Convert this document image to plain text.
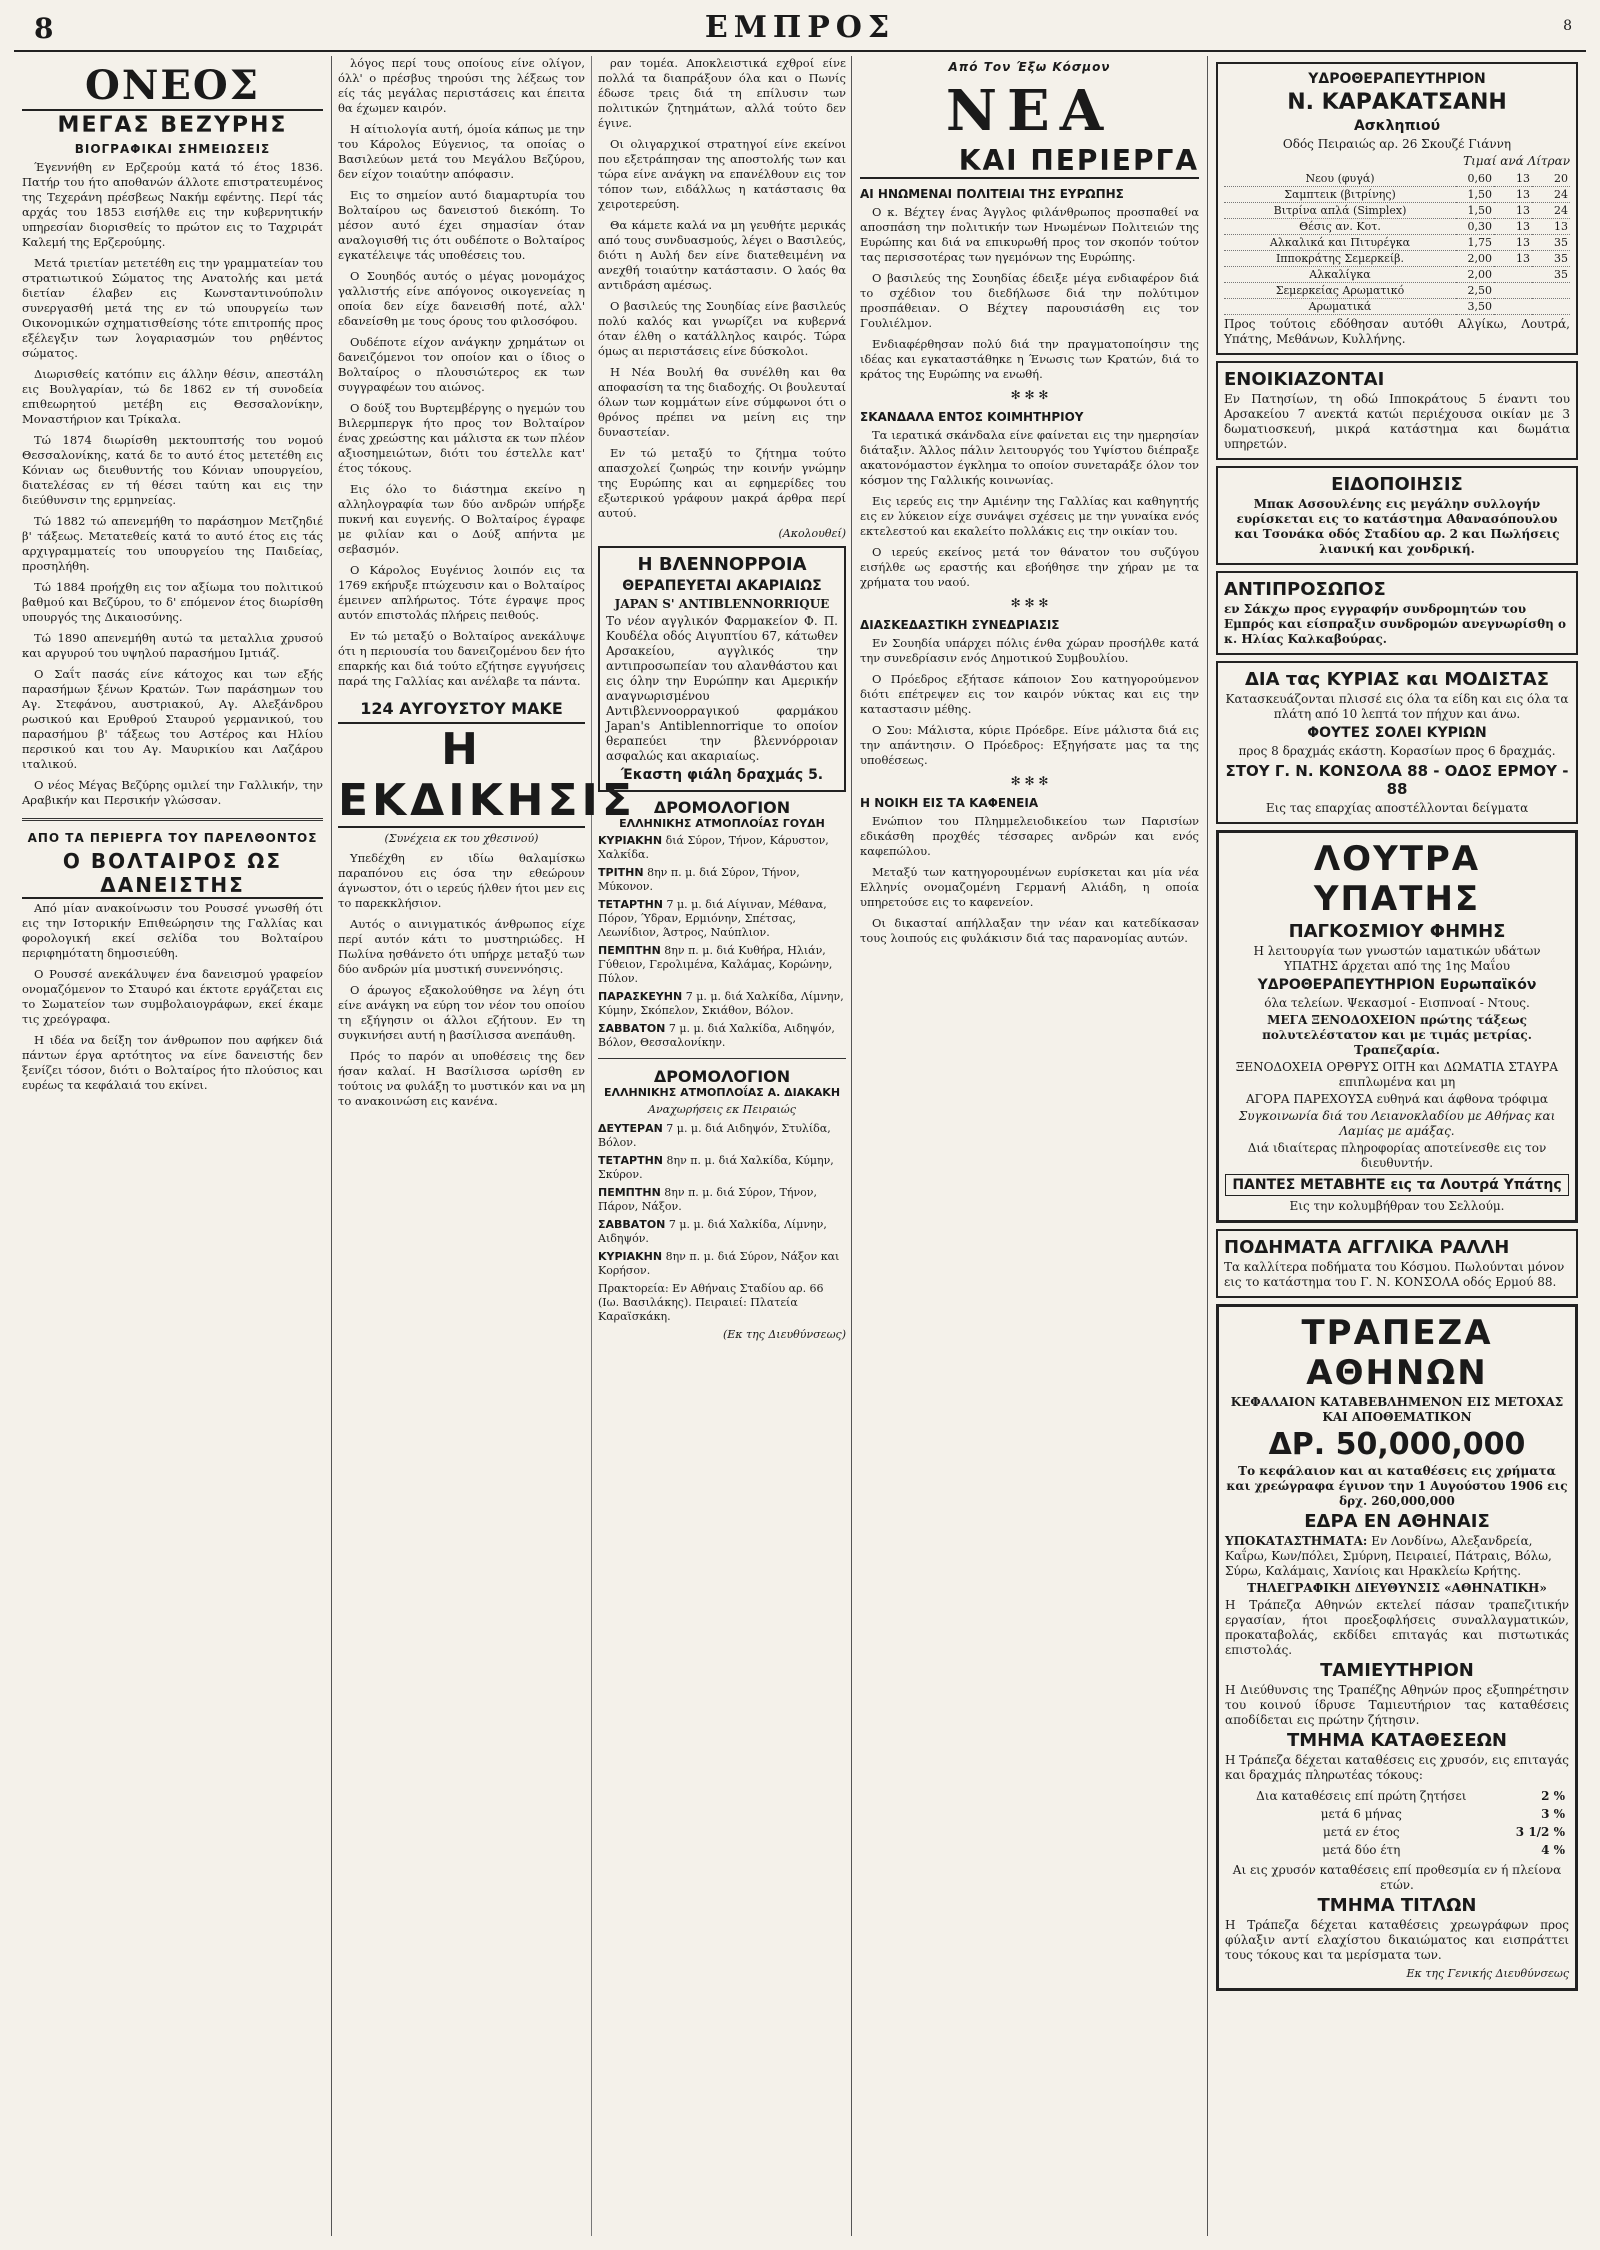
8	ΕΜΠΡΟΣ	8
ΟΝΕΟΣ
ΜΕΓΑΣ ΒΕΖΥΡΗΣ
ΒΙΟΓΡΑΦΙΚΑΙ ΣΗΜΕΙΩΣΕΙΣ

Έγεννήθη εν Ερζερούμ κατά τό έτος 1836. Πατήρ του ήτο αποθανών άλλοτε επιστρατευμένος της Τεχεράνη πρέσβεως Νακήμ εφέντης. Περί τάς αρχάς του 1853 εισήλθε εις την κυβερνητικήν υπηρεσίαν διορισθείς το πρώτον εις το Ταχριράτ Καλεμή της Ερζερούμης.

Μετά τριετίαν μετετέθη εις την γραμματείαν του στρατιωτικού Σώματος της Ανατολής και μετά διετίαν έλαβεν εις Κωνσταντινούπολιν συνεργασθή μετά της εν τώ υπουργείω των Οικονομικών σχηματισθείσης τότε επιτροπής προς εξέλεγξιν των λογαριασμών του ρηθέντος σώματος.

Διωρισθείς κατόπιν εις άλλην θέσιν, απεστάλη εις Βουλγαρίαν, τώ δε 1862 εν τή συνοδεία επιθεωρητού μετέβη εις Θεσσαλονίκην, Μοναστήριον και Τρίκαλα.

Τώ 1874 διωρίσθη μεκτουπτσής του νομού Θεσσαλονίκης, κατά δε το αυτό έτος μετετέθη εις Κόνιαν ως διευθυντής του Κόνιαν υπουργείου, διατελέσας εν τή θέσει ταύτη και εις την διεύθυνσιν της ερμηνείας.

Τώ 1882 τώ απενεμήθη το παράσημον Μετζηδιέ β' τάξεως. Μετατεθείς κατά το αυτό έτος εις τάς αρχιγραμματείς του υπουργείου της Παιδείας, προσηλήθη.

Τώ 1884 προήχθη εις τον αξίωμα του πολιτικού βαθμού και Βεζύρου, το δ' επόμενον έτος διωρίσθη υπουργός της Δικαιοσύνης.

Τώ 1890 απενεμήθη αυτώ τα μεταλλια χρυσού και αργυρού του υψηλού παρασήμου Ιμτιάζ.

Ο Σαΐτ πασάς είνε κάτοχος και των εξής παρασήμων ξένων Κρατών. Των παράσημων του Αγ. Στεφάνου, αυστριακού, Αγ. Αλεξάνδρου ρωσικού και Ερυθρού Σταυρού γερμανικού, του παρασήμου β' τάξεως του Αστέρος και Ηλίου περσικού και του Αγ. Μαυρικίου και Λαζάρου ιταλικού.

Ο νέος Μέγας Βεζύρης ομιλεί την Γαλλικήν, την Αραβικήν και Περσικήν γλώσσαν.

ΑΠΟ ΤΑ ΠΕΡΙΕΡΓΑ ΤΟΥ ΠΑΡΕΛΘΟΝΤΟΣ
Ο ΒΟΛΤΑΙΡΟΣ ΩΣ ΔΑΝΕΙΣΤΗΣ

Από μίαν ανακοίνωσιν του Ρουσσέ γνωσθή ότι εις την Ιστορικήν Επιθεώρησιν της Γαλλίας και φορολογική εκεί σελίδα του Βολταίρου περιφημότατη δημοσιεύθη.

Ο Ρουσσέ ανεκάλυψεν ένα δανεισμού γραφείον ονομαζόμενον το Σταυρό και έκτοτε εργάζεται εις το Σωματείον των συμβολαιογράφων, εκεί έκαμε τις χρεόγραφα.

Η ιδέα να δείξη τον άνθρωπον που αφήκεν διά πάντων έργα αρτότητος να είνε δανειστής δεν ξενίζει τόσον, διότι ο Βολταίρος ήτο πλούσιος και ευρέως τα κεφάλαιά του εκίνει.

λόγος περί τους οποίους είνε ολίγον, όλλ' ο πρέσβυς τηρούσι της λέξεως τον είς τάς μεγάλας περιστάσεις και έπειτα θα έχωμεν καιρόν.

Η αίτιολογία αυτή, όμοία κάπως με την του Κάρολος Εύγενιος, τα οποίας ο Βασιλεύων μετά του Μεγάλου Βεζύρου, δεν είχον τοιαύτην απόφασιν.

Εις το σημείον αυτό διαμαρτυρία του Βολταίρου ως δανειστού διεκόπη. Το μέσον αυτό έχει σημασίαν όταν αναλογισθή τις ότι ουδέποτε ο Βολταίρος εγκατέλειψε τάς υποθέσεις του.

Ο Σουηδός αυτός ο μέγας μονομάχος γαλλιστής είνε απόγονος οικογενείας η οποία δεν είχε δανεισθή ποτέ, αλλ' εδανείσθη με τους όρους του φιλοσόφου.

Ουδέποτε είχον ανάγκην χρημάτων οι δανειζόμενοι τον οποίον και ο ίδιος ο Βολταίρος ο πλουσιώτερος εκ των συγγραφέων του αιώνος.

Ο δούξ του Βυρτεμβέργης ο ηγεμών του Βιλερμπεργκ ήτο προς τον Βολταίρον ένας χρεώστης και μάλιστα εκ των πλέον αξιοσημειώτων, διότι του έστελλε κατ' έτος τόκους.

Εις όλο το διάστημα εκείνο η αλληλογραφία των δύο ανδρών υπήρξε πυκνή και ευγενής. Ο Βολταίρος έγραφε με φιλίαν και ο Δούξ απήντα με σεβασμόν.

Ο Κάρολος Ευγένιος λοιπόν εις τα 1769 εκήρυξε πτώχευσιν και ο Βολταίρος έμεινεν απλήρωτος. Τότε έγραψε προς αυτόν επιστολάς πλήρεις πειθούς.

Εν τώ μεταξύ ο Βολταίρος ανεκάλυψε ότι η περιουσία του δανειζομένου δεν ήτο επαρκής και διά τούτο εζήτησε εγγυήσεις παρά της Γαλλίας και ανέλαβε τα πάντα.

124 ΑΥΓΟΥΣΤΟΥ ΜΑΚΕ
Η ΕΚΔΙΚΗΣΙΣ
(Συνέχεια εκ του χθεσινού)

Υπεδέχθη εν ιδίω θαλαμίσκω παραπόνου εις όσα την εθεώρουν άγνωστον, ότι ο ιερεύς ήλθεν ήτοι μεν εις το παρεκκλήσιον.

Αυτός ο αινιγματικός άνθρωπος είχε περί αυτόν κάτι το μυστηριώδες. Η Πωλίνα ησθάνετο ότι υπήρχε μεταξύ των δύο ανδρών μία μυστική συνεννόησις.

Ο άρωγος εξακολούθησε να λέγη ότι είνε ανάγκη να εύρη τον νέον του οποίου τη εξήγησιν οι άλλοι εζήτουν. Εν τη συγκινήσει αυτή η βασίλισσα ανεπάυθη.

Πρός το παρόν αι υποθέσεις της δεν ήσαν καλαί. Η Βασίλισσα ωρίσθη εν τούτοις να φυλάξη το μυστικόν και να μη το ανακοινώση εις κανένα.

ραν τομέα. Αποκλειστικά εχθροί είνε πολλά τα διαπράξουν όλα και ο Πωνίς έδωσε τρεις διά τη επίλυσιν των πολιτικών ζητημάτων, αλλά τούτο δεν έγινε.

Οι ολιγαρχικοί στρατηγοί είνε εκείνοι που εξετράπησαν της αποστολής των και τώρα είνε ανάγκη να επανέλθουν εις τον τόπον των, ειδάλλως η κατάστασις θα χειροτερεύση.

Θα κάμετε καλά να μη γευθήτε μερικάς από τους συνδυασμούς, λέγει ο Βασιλεύς, διότι η Αυλή δεν είνε διατεθειμένη να ανεχθή τοιαύτην κατάστασιν. Ο λαός θα αντιδράση αμέσως.

Ο βασιλεύς της Σουηδίας είνε βασιλεύς πολύ καλός και γνωρίζει να κυβερνά όταν έλθη ο κατάλληλος καιρός. Τώρα όμως αι περιστάσεις είνε δύσκολοι.

Η Νέα Βουλή θα συνέλθη και θα αποφασίση τα της διαδοχής. Οι βουλευταί όλων των κομμάτων είνε σύμφωνοι ότι ο θρόνος πρέπει να μείνη εις την δυναστείαν.

Εν τώ μεταξύ το ζήτημα τούτο απασχολεί ζωηρώς την κοινήν γνώμην της Ευρώπης και αι εφημερίδες του εξωτερικού γράφουν μακρά άρθρα περί αυτού.

(Ακολουθεί)
Η ΒΛΕΝΝΟΡΡΟΙΑ
ΘΕΡΑΠΕΥΕΤΑΙ ΑΚΑΡΙΑΙΩΣ
JAPAN S' ANTIBLENNORRIQUE
Το νέον αγγλικόν Φαρμακείον Φ. Π. Κουδέλα οδός Αιγυπτίου 67, κάτωθεν Αρσακείου, αγγλικός την αντιπροσωπείαν του αλανθάστου και εις όλην την Ευρώπην και Αμερικήν αναγνωρισμένου Αντιβλεννοορραγικού φαρμάκου Japan's Antiblennorrique το οποίον θεραπεύει την βλεννόρροιαν ασφαλώς και ακαριαίως.
Έκαστη φιάλη δραχμάς 5.
ΔΡΟΜΟΛΟΓΙΟΝ
ΕΛΛΗΝΙΚΗΣ ΑΤΜΟΠΛΟΐΑΣ ΓΟΥΔΗ
ΚΥΡΙΑΚΗΝ διά Σύρον, Τήνον, Κάρυστον, Χαλκίδα.
ΤΡΙΤΗΝ 8ην π. μ. διά Σύρον, Τήνον, Μύκονον.
ΤΕΤΑΡΤΗΝ 7 μ. μ. διά Αίγιναν, Μέθανα, Πόρον, Ύδραν, Ερμιόνην, Σπέτσας, Λεωνίδιον, Άστρος, Ναύπλιον.
ΠΕΜΠΤΗΝ 8ην π. μ. διά Κυθήρα, Ηλιάν, Γύθειον, Γερολιμένα, Καλάμας, Κορώνην, Πύλον.
ΠΑΡΑΣΚΕΥΗΝ 7 μ. μ. διά Χαλκίδα, Λίμνην, Κύμην, Σκόπελον, Σκιάθον, Βόλον.
ΣΑΒΒΑΤΟΝ 7 μ. μ. διά Χαλκίδα, Αιδηψόν, Βόλον, Θεσσαλονίκην.
ΔΡΟΜΟΛΟΓΙΟΝ
ΕΛΛΗΝΙΚΗΣ ΑΤΜΟΠΛΟΐΑΣ Α. ΔΙΑΚΑΚΗ
Αναχωρήσεις εκ Πειραιώς
ΔΕΥΤΕΡΑΝ 7 μ. μ. διά Αιδηψόν, Στυλίδα, Βόλον.
ΤΕΤΑΡΤΗΝ 8ην π. μ. διά Χαλκίδα, Κύμην, Σκύρον.
ΠΕΜΠΤΗΝ 8ην π. μ. διά Σύρον, Τήνον, Πάρον, Νάξον.
ΣΑΒΒΑΤΟΝ 7 μ. μ. διά Χαλκίδα, Λίμνην, Αιδηψόν.
ΚΥΡΙΑΚΗΝ 8ην π. μ. διά Σύρον, Νάξον και Κορήσον.
Πρακτορεία: Εν Αθήναις Σταδίου αρ. 66 (Ιω. Βασιλάκης). Πειραιεί: Πλατεία Καραϊσκάκη.
(Εκ της Διευθύνσεως)
Από Τον Έξω Κόσμον
ΝΕΑ
ΚΑΙ ΠΕΡΙΕΡΓΑ
ΑΙ ΗΝΩΜΕΝΑΙ ΠΟΛΙΤΕΙΑΙ ΤΗΣ ΕΥΡΩΠΗΣ

Ο κ. Βέχτεγ ένας Άγγλος φιλάνθρωπος προσπαθεί να αποσπάση την πολιτικήν των Ηνωμένων Πολιτειών της Ευρώπης και διά να επικυρωθή προς τον σκοπόν τούτον τας περισσοτέρας των ηγεμόνων της Ευρώπης.

Ο βασιλεύς της Σουηδίας έδειξε μέγα ενδιαφέρον διά το σχέδιον του διεδήλωσε διά την πολύτιμον προσπάθειαν. Ο Βέχτεγ παρουσιάσθη εις τον Γουλιέλμον.

Ενδιαφέρθησαν πολύ διά την πραγματοποίησιν της ιδέας και εγκαταστάθηκε η Ένωσις των Κρατών, διά το κράτος της Ευρώπης να ενωθή.

✻ ✻ ✻
ΣΚΑΝΔΑΛΑ ΕΝΤΟΣ ΚΟΙΜΗΤΗΡΙΟΥ

Τα ιερατικά σκάνδαλα είνε φαίνεται εις την ημερησίαν διάταξιν. Άλλος πάλιν λειτουργός του Υψίστου διέπραξε ακατονόμαστον έγκλημα το οποίον συνεταράξε όλον τον κόσμον της Γαλλικής κοινωνίας.

Εις ιερεύς εις την Αμιένην της Γαλλίας και καθηγητής εις εν λύκειον είχε συνάψει σχέσεις με την γυναίκα ενός εκτελεστού και εκαλείτο πολλάκις εις την οικίαν του.

Ο ιερεύς εκείνος μετά τον θάνατον του συζύγου εισήλθε ως εραστής και εβοήθησε την χήραν με τα χρήματα του ναού.

✻ ✻ ✻
ΔΙΑΣΚΕΔΑΣΤΙΚΗ ΣΥΝΕΔΡΙΑΣΙΣ

Εν Σουηδία υπάρχει πόλις ένθα χώραν προσήλθε κατά την συνεδρίασιν ενός Δημοτικού Συμβουλίου.

Ο Πρόεδρος εξήτασε κάποιον Σου κατηγορούμενον διότι επέτρεψεν εις τον καιρόν νύκτας και εις την καταστασιν μέθης.

Ο Σου: Μάλιστα, κύριε Πρόεδρε. Είνε μάλιστα διά εις την απάντησιν. Ο Πρόεδρος: Εξηγήσατε μας τα της υποθέσεως.

✻ ✻ ✻
Η ΝΟΙΚΗ ΕΙΣ ΤΑ ΚΑΦΕΝΕΙΑ

Ενώπιον του Πλημμελειοδικείου των Παρισίων εδικάσθη προχθές τέσσαρες ανδρών και ενός καφεπώλου.

Μεταξύ των κατηγορουμένων ευρίσκεται και μία νέα Ελληνίς ονομαζομένη Γερμανή Αλιάδη, η οποία υπηρετούσε εις το καφενείον.

Οι δικασταί απήλλαξαν την νέαν και κατεδίκασαν τους λοιπούς εις φυλάκισιν διά τας παρανομίας αυτών.

ΥΔΡΟΘΕΡΑΠΕΥΤΗΡΙΟΝ
Ν. ΚΑΡΑΚΑΤΣΑΝΗ
Ασκληπιού
Οδός Πειραιώς αρ. 26 Σκουζέ Γιάννη
Τιμαί ανά Λίτραν
Νεου (φυγά)	0,60	13	20
Σαμπτεικ (βιτρίνης)	1,50	13	24
Βιτρίνα απλά (Simplex)	1,50	13	24
Θέσις αν. Κοτ.	0,30	13	13
Αλκαλικά και Πιτυρέγκα	1,75	13	35
Ιπποκράτης Σεμερκείβ.	2,00	13	35
Αλκαλίγκα	2,00		35
Σεμερκείας Αρωματικό	2,50		
Αρωματικά	3,50		
Προς τούτοις εδόθησαν αυτόθι Αλγίκω, Λουτρά, Υπάτης, Μεθάνων, Κυλλήνης.
ΕΝΟΙΚΙΑΖΟΝΤΑΙ
Εν Πατησίων, τη οδώ Ιπποκράτους 5 έναντι του Αρσακείου 7 ανεκτά κατώι περιέχουσα οικίαν με 3 δωματιοσκευή, μικρά κατάστημα και δωμάτια υπηρετών.
ΕΙΔΟΠΟΙΗΣΙΣ
Μπακ Ασσουλένης εις μεγάλην συλλογήν ευρίσκεται εις το κατάστημα Αθανασόπουλου και Τσονάκα οδός Σταδίου αρ. 2 και Πωλήσεις λιανική και χονδρική.
ΑΝΤΙΠΡΟΣΩΠΟΣ
εν Σάκχω προς εγγραφήν συνδρομητών του Εμπρός και είσπραξιν συνδρομών ανεγνωρίσθη ο κ. Ηλίας Καλκαβούρας.
ΔΙΑ τας ΚΥΡΙΑΣ και ΜΟΔΙΣΤΑΣ
Κατασκευάζονται πλισσέ εις όλα τα είδη και εις όλα τα πλάτη από 10 λεπτά τον πήχυν και άνω.
ΦΟΥΤΕΣ ΣΟΛΕΙ ΚΥΡΙΩΝ
προς 8 δραχμάς εκάστη. Κορασίων προς 6 δραχμάς.
ΣΤΟΥ Γ. Ν. ΚΟΝΣΟΛΑ 88 - ΟΔΟΣ ΕΡΜΟΥ - 88
Εις τας επαρχίας αποστέλλονται δείγματα
ΛΟΥΤΡΑ ΥΠΑΤΗΣ
ΠΑΓΚΟΣΜΙΟΥ ΦΗΜΗΣ
Η λειτουργία των γνωστών ιαματικών υδάτων ΥΠΑΤΗΣ άρχεται από της 1ης Μαΐου
ΥΔΡΟΘΕΡΑΠΕΥΤΗΡΙΟΝ Ευρωπαϊκόν
όλα τελείων. Ψεκασμοί - Εισπνοαί - Ντους.
ΜΕΓΑ ΞΕΝΟΔΟΧΕΙΟΝ πρώτης τάξεως πολυτελέστατον και με τιμάς μετρίας. Τραπεζαρία.
ΞΕΝΟΔΟΧΕΙΑ ΟΡΘΡΥΣ ΟΙΤΗ και ΔΩΜΑΤΙΑ ΣΤΑΥΡΑ επιπλωμένα και μη
ΑΓΟΡΑ ΠΑΡΕΧΟΥΣΑ ευθηνά και άφθονα τρόφιμα
Συγκοινωνία διά του Λειανοκλαδίου με Αθήνας και Λαμίας με αμάξας.
Διά ιδιαίτερας πληροφορίας αποτείνεσθε εις τον διευθυντήν.
ΠΑΝΤΕΣ ΜΕΤΑΒΗΤΕ εις τα Λουτρά Υπάτης
Εις την κολυμβήθραν του Σελλούμ.
ΠΟΔΗΜΑΤΑ ΑΓΓΛΙΚΑ ΡΑΛΛΗ
Τα καλλίτερα ποδήματα του Κόσμου. Πωλούνται μόνον εις το κατάστημα του Γ. Ν. ΚΟΝΣΟΛΑ οδός Ερμού 88.
ΤΡΑΠΕΖΑ ΑΘΗΝΩΝ
ΚΕΦΑΛΑΙΟΝ ΚΑΤΑΒΕΒΛΗΜΕΝΟΝ ΕΙΣ ΜΕΤΟΧΑΣ ΚΑΙ ΑΠΟΘΕΜΑΤΙΚΟΝ
ΔΡ. 50,000,000
Το κεφάλαιον και αι καταθέσεις εις χρήματα και χρεώγραφα έγινον την 1 Αυγούστου 1906 εις δρχ. 260,000,000
ΕΔΡΑ ΕΝ ΑΘΗΝΑΙΣ
ΥΠΟΚΑΤΑΣΤΗΜΑΤΑ: Εν Λονδίνω, Αλεξανδρεία, Καΐρω, Κων/πόλει, Σμύρνη, Πειραιεί, Πάτραις, Βόλω, Σύρω, Καλάμαις, Χανίοις και Ηρακλείω Κρήτης.
ΤΗΛΕΓΡΑΦΙΚΗ ΔΙΕΥΘΥΝΣΙΣ «ΑΘΗΝΑΤΙΚΗ»
Η Τράπεζα Αθηνών εκτελεί πάσαν τραπεζιτικήν εργασίαν, ήτοι προεξοφλήσεις συναλλαγματικών, προκαταβολάς, εκδίδει επιταγάς και πιστωτικάς επιστολάς.
ΤΑΜΙΕΥΤΗΡΙΟΝ
Η Διεύθυνσις της Τραπέζης Αθηνών προς εξυπηρέτησιν του κοινού ίδρυσε Ταμιευτήριον τας καταθέσεις αποδίδεται εις πρώτην ζήτησιν.
ΤΜΗΜΑ ΚΑΤΑΘΕΣΕΩΝ
Η Τράπεζα δέχεται καταθέσεις εις χρυσόν, εις επιταγάς και δραχμάς πληρωτέας τόκους:
Δια καταθέσεις επί πρώτη ζητήσει	2 %
μετά 6 μήνας	3 %
μετά εν έτος	3 1/2 %
μετά δύο έτη	4 %
Αι εις χρυσόν καταθέσεις επί προθεσμία εν ή πλείονα ετών.
ΤΜΗΜΑ ΤΙΤΛΩΝ
Η Τράπεζα δέχεται καταθέσεις χρεωγράφων προς φύλαξιν αντί ελαχίστου δικαιώματος και εισπράττει τους τόκους και τα μερίσματα των.
Εκ της Γενικής Διευθύνσεως
